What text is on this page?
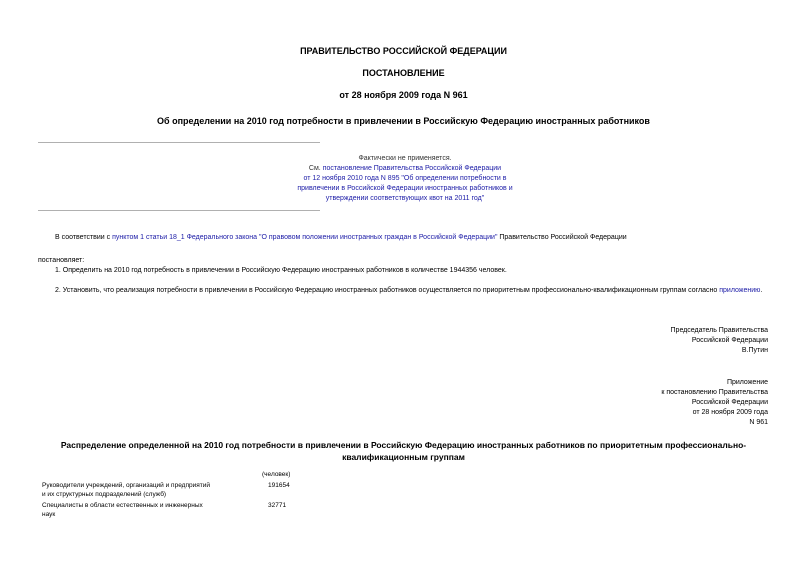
ПРАВИТЕЛЬСТВО РОССИЙСКОЙ ФЕДЕРАЦИИ
ПОСТАНОВЛЕНИЕ
от 28 ноября 2009 года N 961
Об определении на 2010 год потребности в привлечении в Российскую Федерацию иностранных работников
Фактически не применяется.
См. постановление Правительства Российской Федерации
от 12 ноября 2010 года N 895 "Об определении потребности в
привлечении в Российской Федерации иностранных работников и
утверждении соответствующих квот на 2011 год"
В соответствии с пунктом 1 статьи 18_1 Федерального закона "О правовом положении иностранных граждан в Российской Федерации" Правительство Российской Федерации
постановляет:
1. Определить на 2010 год потребность в привлечении в Российскую Федерацию иностранных работников в количестве 1944356 человек.
2. Установить, что реализация потребности в привлечении в Российскую Федерацию иностранных работников осуществляется по приоритетным профессионально-квалификационным группам согласно приложению.
Председатель Правительства
Российской Федерации
В.Путин
Приложение
к постановлению Правительства
Российской Федерации
от 28 ноября 2009 года
N 961
Распределение определенной на 2010 год потребности в привлечении в Российскую Федерацию иностранных работников по приоритетным профессионально-
квалификационным группам
(человек)
Руководители учреждений, организаций и предприятий
и их структурных подразделений (служб)
191654
Специалисты в области естественных и инженерных
наук
32771
